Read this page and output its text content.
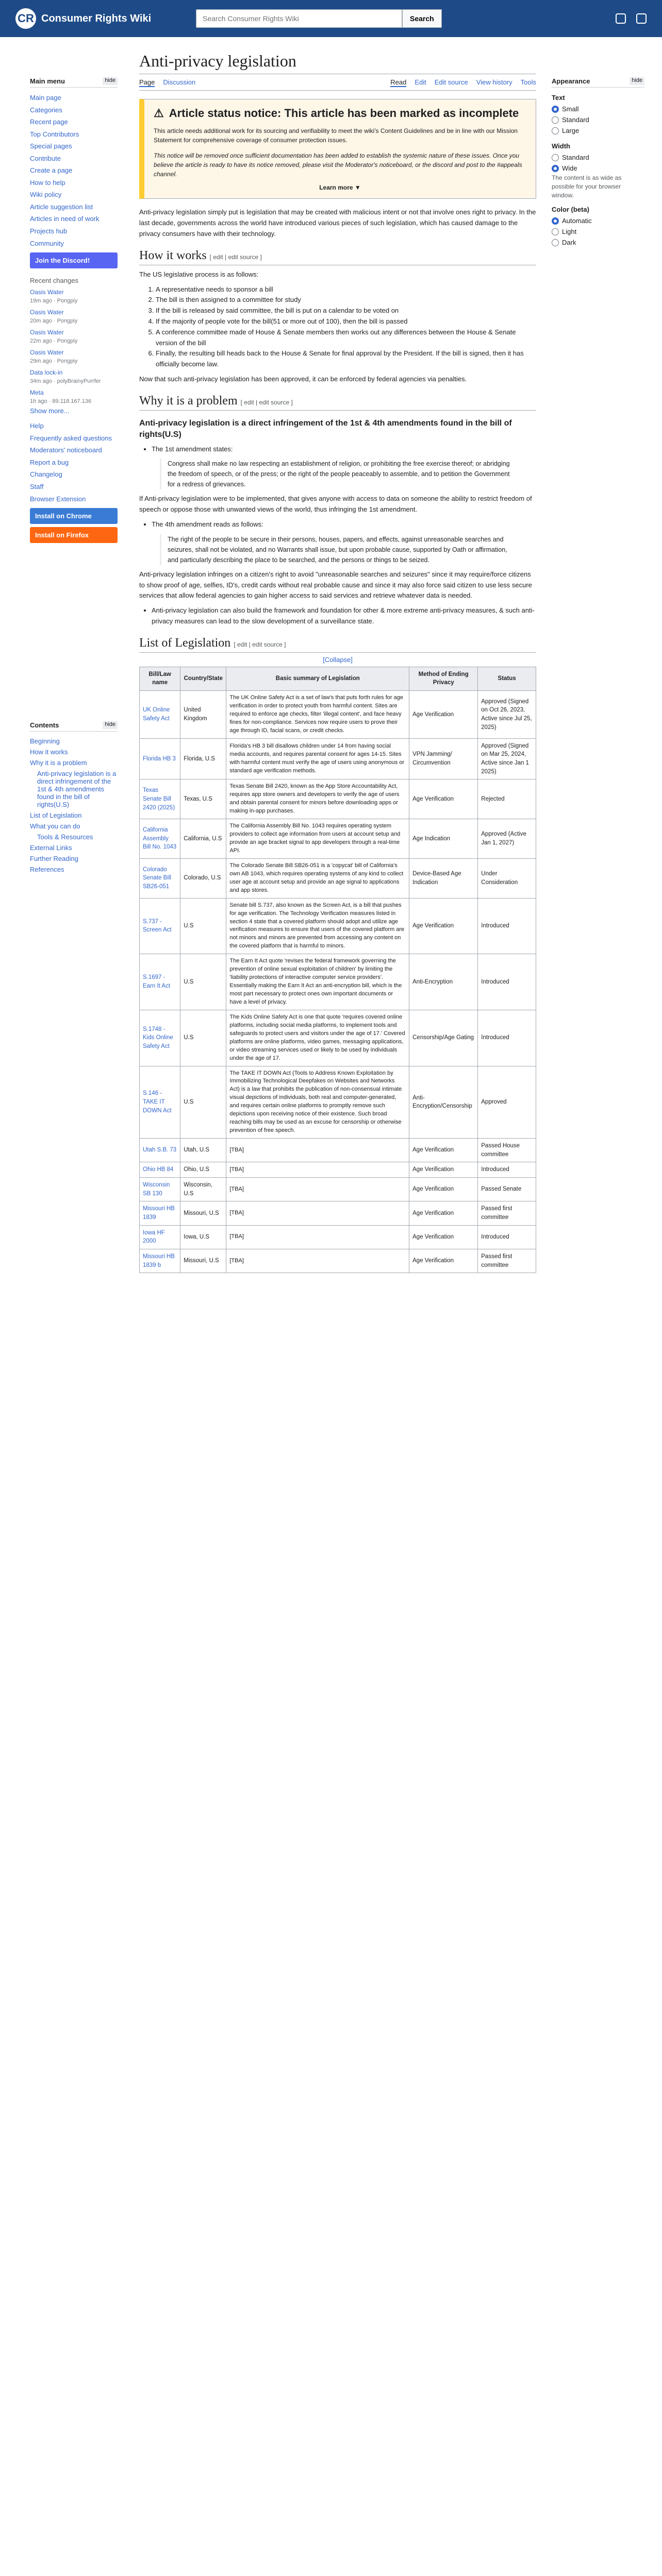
CR Consumer Rights Wiki
Search Consumer Rights Wiki	Search
Main menu	hide
Main page
Categories
Recent page
Top Contributors
Special pages
Contribute
Create a page
How to help
Wiki policy
Article suggestion list
Articles in need of work
Projects hub
Community
Join the Discord!
Recent changes
Oasis Water
19m ago · Pongpiy
Oasis Water
20m ago · Pongpiy
Oasis Water
22m ago · Pongpiy
Oasis Water
29m ago · Pongpiy
Data lock-in
34m ago · polyBrainyPurrfer
Meta
1h ago · 89.118.167.136
Show more...
Help
Frequently asked questions
Moderators' noticeboard
Report a bug
Changelog
Staff
Browser Extension
Install on Chrome
Install on Firefox
Contents	hide
Beginning
How it works
Why it is a problem
Anti-privacy legislation is a direct infringement of the 1st & 4th amendments found in the bill of rights(U.S)
List of Legislation
What you can do
Tools & Resources
External Links
Further Reading
References
Anti-privacy legislation
Page Discussion	Read Edit Edit source View history Tools
⚠ Article status notice: This article has been marked as incomplete

This article needs additional work for its sourcing and verifiability to meet the wiki's Content Guidelines and be in line with our Mission Statement for comprehensive coverage of consumer protection issues.

This notice will be removed once sufficient documentation has been added to establish the systemic nature of these issues. Once you believe the article is ready to have its notice removed, please visit the Moderator's noticeboard, or the discord and post to the #appeals channel.

Learn more ▼

Anti-privacy legislation simply put is legislation that may be created with malicious intent or not that involve ones right to privacy. In the last decade, governments across the world have introduced various pieces of such legislation, which has caused damage to the privacy consumers have with their technology.

How it works [ edit | edit source ]

The US legislative process is as follows:

1. A representative needs to sponsor a bill
2. The bill is then assigned to a committee for study
3. If the bill is released by said committee, the bill is put on a calendar to be voted on
4. If the majority of people vote for the bill(51 or more out of 100), then the bill is passed
5. A conference committee made of House & Senate members then works out any differences between the House & Senate version of the bill
6. Finally, the resulting bill heads back to the House & Senate for final approval by the President. If the bill is signed, then it has officially become law.

Now that such anti-privacy legislation has been approved, it can be enforced by federal agencies via penalties.

Why it is a problem [ edit | edit source ]
Anti-privacy legislation is a direct infringement of the 1st & 4th amendments found in the bill of rights(U.S)
• The 1st amendment states:
Congress shall make no law respecting an establishment of religion, or prohibiting the free exercise thereof; or abridging the freedom of speech, or of the press; or the right of the people peaceably to assemble, and to petition the Government for a redress of grievances.

If Anti-privacy legislation were to be implemented, that gives anyone with access to data on someone the ability to restrict freedom of speech or oppose those with unwanted views of the world, thus infringing the 1st amendment.

• The 4th amendment reads as follows:
The right of the people to be secure in their persons, houses, papers, and effects, against unreasonable searches and seizures, shall not be violated, and no Warrants shall issue, but upon probable cause, supported by Oath or affirmation, and particularly describing the place to be searched, and the persons or things to be seized.

Anti-privacy legislation infringes on a citizen's right to avoid "unreasonable searches and seizures" since it may require/force citizens to show proof of age, selfies, ID's, credit cards without real probable cause and since it may also force said citizen to use less secure services that allow federal agencies to gain higher access to said services and retrieve whatever data is needed.

• Anti-privacy legislation can also build the framework and foundation for other & more extreme anti-privacy measures, & such anti-privacy measures can lead to the slow development of a surveillance state.
List of Legislation [ edit | edit source ]
[Collapse]
Bill/Law name	Country/State	Basic summary of Legislation	Method of Ending Privacy	Status
UK Online Safety Act	United Kingdom	The UK Online Safety Act is a set of law's that puts forth rules for age verification in order to protect youth from harmful content. Sites are required to enforce age checks, filter 'illegal content', and face heavy fines for non-compliance. Services now require users to prove their age through ID, facial scans, or credit checks.	Age Verification	Approved (Signed on Oct 26, 2023, Active since Jul 25, 2025)
Florida HB 3	Florida, U.S	Florida's HB 3 bill disallows children under 14 from having social media accounts, and requires parental consent for ages 14-15. Sites with harmful content must verify the age of users using anonymous or standard age verification methods.	VPN Jamming/ Circumvention	Approved (Signed on Mar 25, 2024, Active since Jan 1 2025)
Texas Senate Bill 2420 (2025)	Texas, U.S	Texas Senate Bill 2420, known as the App Store Accountability Act, requires app store owners and developers to verify the age of users and obtain parental consent for minors before downloading apps or making in-app purchases.	Age Verification	Rejected
California Assembly Bill No. 1043	California, U.S	The California Assembly Bill No. 1043 requires operating system providers to collect age information from users at account setup and provide an age bracket signal to app developers through a real-time API.	Age Indication	Approved (Active Jan 1, 2027)
Colorado Senate Bill SB26-051	Colorado, U.S	The Colorado Senate Bill SB26-051 is a 'copycat' bill of California's own AB 1043, which requires operating systems of any kind to collect user age at account setup and provide an age signal to applications and app stores.	Device-Based Age Indication	Under Consideration
S.737 - Screen Act	U.S	Senate bill S.737, also known as the Screen Act, is a bill that pushes for age verification. The Technology Verification measures listed in section 4 state that a covered platform should adopt and utilize age verification measures to ensure that users of the covered platform are not minors and minors are prevented from accessing any content on the covered platform that is harmful to minors.	Age Verification	Introduced
S.1697 - Earn It Act	U.S	The Earn It Act quote 'revises the federal framework governing the prevention of online sexual exploitation of children' by limiting the 'liability protections of interactive computer service providers'. Essentially making the Earn It Act an anti-encryption bill, which is the most part necessary to protect ones own important documents or have a level of privacy.	Anti-Encryption	Introduced
S.1748 - Kids Online Safety Act	U.S	The Kids Online Safety Act is one that quote 'requires covered online platforms, including social media platforms, to implement tools and safeguards to protect users and visitors under the age of 17.' Covered platforms are online platforms, video games, messaging applications, or video streaming services used or likely to be used by individuals under the age of 17.	Censorship/Age Gating	Introduced
S.146 - TAKE IT DOWN Act	U.S	The TAKE IT DOWN Act (Tools to Address Known Exploitation by Immobilizing Technological Deepfakes on Websites and Networks Act) is a law that prohibits the publication of non-consensual intimate visual depictions of individuals, both real and computer-generated, and requires certain online platforms to promptly remove such depictions upon receiving notice of their existence. Such broad reaching bills may be used as an excuse for censorship or otherwise prevention of free speech.	Anti-Encryption/Censorship	Approved
Utah S.B. 73	Utah, U.S	[TBA]	Age Verification	Passed House committee
Ohio HB 84	Ohio, U.S	[TBA]	Age Verification	Introduced
Wisconsin SB 130	Wisconsin, U.S	[TBA]	Age Verification	Passed Senate
Missouri HB 1839	Missouri, U.S	[TBA]	Age Verification	Passed first committee
Iowa HF 2000	Iowa, U.S	[TBA]	Age Verification	Introduced
Missouri HB 1839 b	Missouri, U.S	[TBA]	Age Verification	Passed first committee
Appearance	hide
Text
Small
Standard
Large
Width
Standard
Wide
The content is as wide as possible for your browser window.
Color (beta)
Automatic
Light
Dark
